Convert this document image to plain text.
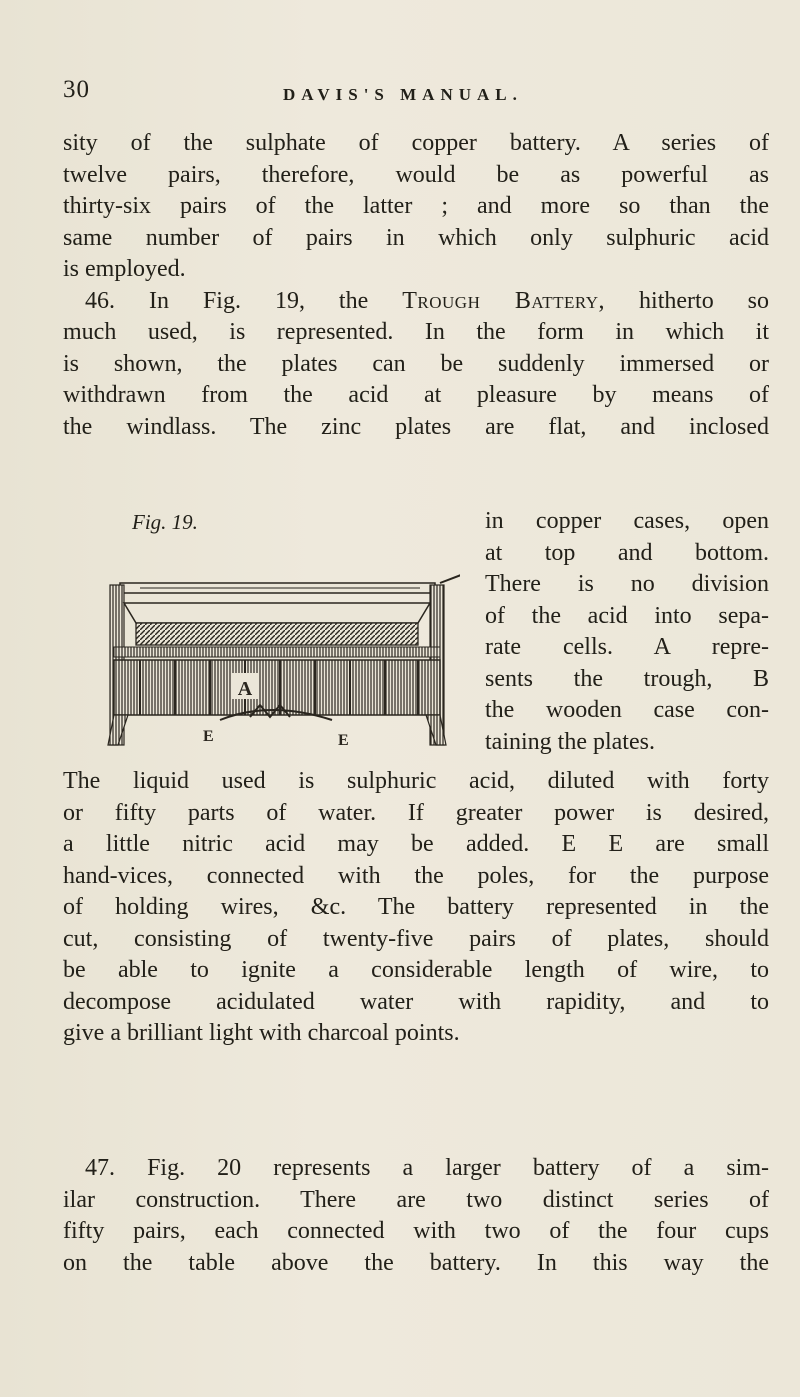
30	DAVIS'S MANUAL.
sity of the sulphate of copper battery. A series of
twelve pairs, therefore, would be as powerful as
thirty-six pairs of the latter ; and more so than the
same number of pairs in which only sulphuric acid
is employed.
46. In Fig. 19, the Trough Battery, hitherto so
much used, is represented. In the form in which it
is shown, the plates can be suddenly immersed or
withdrawn from the acid at pleasure by means of
the windlass. The zinc plates are flat, and inclosed
Fig. 19.
A
E	E
in copper cases, open
at top and bottom.
There is no division
of the acid into sepa-
rate cells. A repre-
sents the trough, B
the wooden case con-
taining the plates.
The liquid used is sulphuric acid, diluted with forty
or fifty parts of water. If greater power is desired,
a little nitric acid may be added. E E are small
hand-vices, connected with the poles, for the purpose
of holding wires, &c. The battery represented in the
cut, consisting of twenty-five pairs of plates, should
be able to ignite a considerable length of wire, to
decompose acidulated water with rapidity, and to
give a brilliant light with charcoal points.
47. Fig. 20 represents a larger battery of a sim-
ilar construction. There are two distinct series of
fifty pairs, each connected with two of the four cups
on the table above the battery. In this way the
